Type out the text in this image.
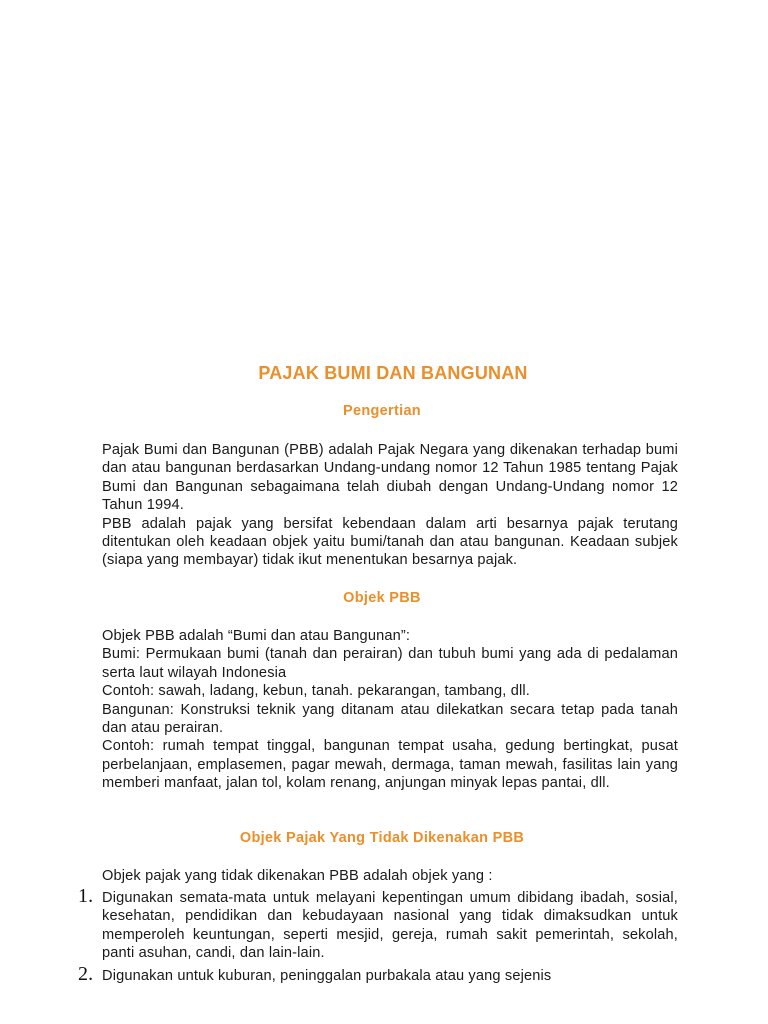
PAJAK BUMI DAN BANGUNAN
Pengertian

Pajak Bumi dan Bangunan (PBB) adalah Pajak Negara yang dikenakan terhadap bumi dan atau bangunan berdasarkan Undang-undang nomor 12 Tahun 1985 tentang Pajak Bumi dan Bangunan sebagaimana telah diubah dengan Undang-Undang nomor 12 Tahun 1994.

PBB adalah pajak yang bersifat kebendaan dalam arti besarnya pajak terutang ditentukan oleh keadaan objek yaitu bumi/tanah dan atau bangunan. Keadaan subjek (siapa yang membayar) tidak ikut menentukan besarnya pajak.

Objek PBB

Objek PBB adalah “Bumi dan atau Bangunan”:

Bumi: Permukaan bumi (tanah dan perairan) dan tubuh bumi yang ada di pedalaman serta laut wilayah Indonesia

Contoh: sawah, ladang, kebun, tanah. pekarangan, tambang, dll.

Bangunan: Konstruksi teknik yang ditanam atau dilekatkan secara tetap pada tanah dan atau perairan.

Contoh: rumah tempat tinggal, bangunan tempat usaha, gedung bertingkat, pusat perbelanjaan, emplasemen, pagar mewah, dermaga, taman mewah, fasilitas lain yang memberi manfaat, jalan tol, kolam renang, anjungan minyak lepas pantai, dll.

Objek Pajak Yang Tidak Dikenakan PBB

Objek pajak yang tidak dikenakan PBB adalah objek yang :

1. Digunakan semata-mata untuk melayani kepentingan umum dibidang ibadah, sosial, kesehatan, pendidikan dan kebudayaan nasional yang tidak dimaksudkan untuk memperoleh keuntungan, seperti mesjid, gereja, rumah sakit pemerintah, sekolah, panti asuhan, candi, dan lain-lain.
2. Digunakan untuk kuburan, peninggalan purbakala atau yang sejenis
